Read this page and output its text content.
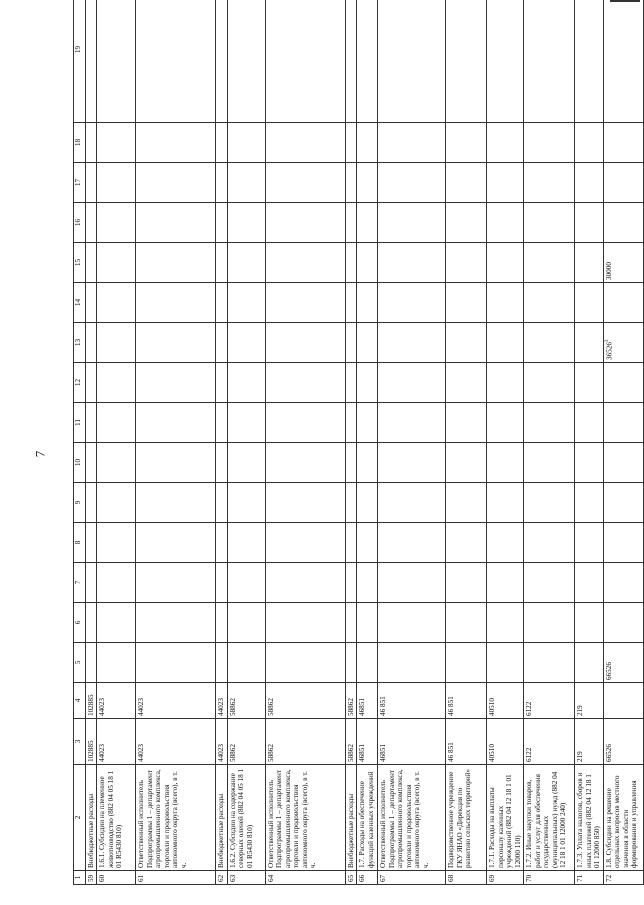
7
1	2	3	4	5	6	7	8	9	10	11	12	13	14	15	16	17	18	19
59	Внебюджетные расходы	102885	102885															
60	1.6.1. Субсидии на племенное животноводство (882 04 05 18 1 01 R5430 810)	44023	44023															
61	Ответственный исполнитель Подпрограммы 1 – департамент агропромышленного комплекса, торговли и продовольствия автономного округа (всего), в т. ч.	44023	44023															
62	Внебюджетные расходы	44023	44023															
63	1.6.2. Субсидии на содержание северных оленей (882 04 05 18 1 01 R5430 810)	58862	58862															
64	Ответственный исполнитель Подпрограммы 1 – департамент агропромышленного комплекса, торговли и продовольствия автономного округа (всего), в т. ч.	58862	58862															
65	Внебюджетные расходы	58862	58862															
66	1.7. Расходы на обеспечение функций казенных учреждений	46851	46851															
67	Ответственный исполнитель Подпрограммы 1 – департамент агропромышленного комплекса, торговли и продовольствия автономного округа (всего), в т. ч.	46851	46 851															
68	Подведомственное учреждение ГКУ ЯНАО «Дирекция по развитию сельских территорий»	46 851	46 851															
69	1.7.1. Расходы на выплаты персоналу казенных учреждений (882 04 12 18 1 01 12000 110)	40510	40510															
70	1.7.2. Иные закупки товаров, работ и услуг для обеспечения государственных (муниципальных) нужд (882 04 12 18 1 01 12000 240)	6122	6122															
71	1.7.3. Уплата налогов, сборов и иных платежей (882 04 12 18 1 01 12000 850)	219	219															
72	1.8. Субсидии на решение отдельных вопросов местного значения в области формирования и управления	66526		66526								36526$^3$		30000				
